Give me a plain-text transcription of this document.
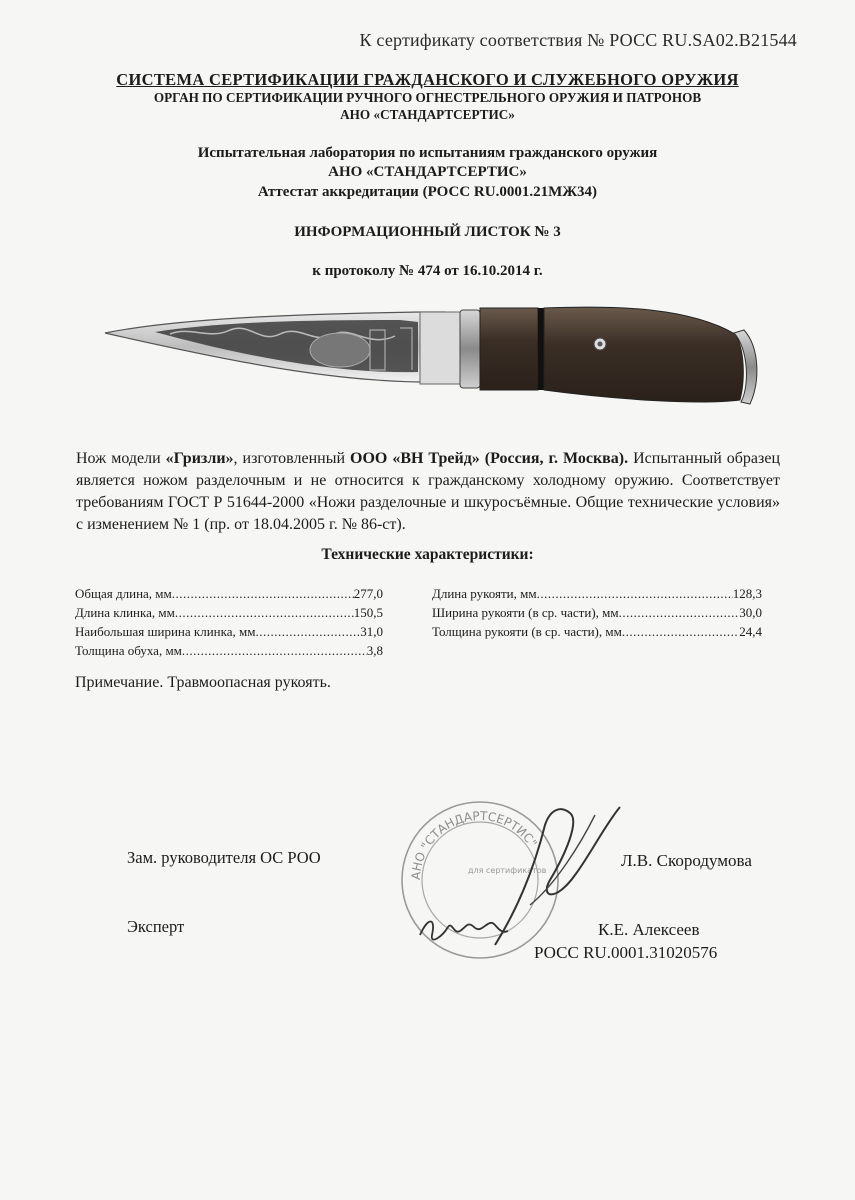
К сертификату соответствия № РОСС RU.SA02.B21544
СИСТЕМА СЕРТИФИКАЦИИ ГРАЖДАНСКОГО И СЛУЖЕБНОГО ОРУЖИЯ
ОРГАН ПО СЕРТИФИКАЦИИ РУЧНОГО ОГНЕСТРЕЛЬНОГО ОРУЖИЯ И ПАТРОНОВ
АНО «СТАНДАРТСЕРТИС»
Испытательная лаборатория по испытаниям гражданского оружия
АНО «СТАНДАРТСЕРТИС»
Аттестат аккредитации (РОСС RU.0001.21МЖ34)
ИНФОРМАЦИОННЫЙ ЛИСТОК № 3
к протоколу № 474 от 16.10.2014 г.

Нож модели «Гризли», изготовленный ООО «ВН Трейд» (Россия, г. Москва). Испытанный образец является ножом разделочным и не относится к гражданскому холодному оружию. Соответствует требованиям ГОСТ Р 51644-2000 «Ножи разделочные и шкуросъёмные. Общие технические условия» с изменением № 1 (пр. от 18.04.2005 г. № 86-ст).

Технические характеристики:
Общая длина, мм .....	277,0
Длина клинка, мм .....	150,5
Наибольшая ширина клинка, мм .....	31,0
Толщина обуха, мм .....	3,8
Длина рукояти, мм .....	128,3
Ширина рукояти (в ср. части), мм .....	30,0
Толщина рукояти (в ср. части), мм .....	24,4
Примечание. Травмоопасная рукоять.
АНО "СТАНДАРТСЕРТИС"
для сертификатов
Зам. руководителя ОС РОО	Л.В. Скородумова
Эксперт	К.Е. Алексеев
РОСС RU.0001.31020576
